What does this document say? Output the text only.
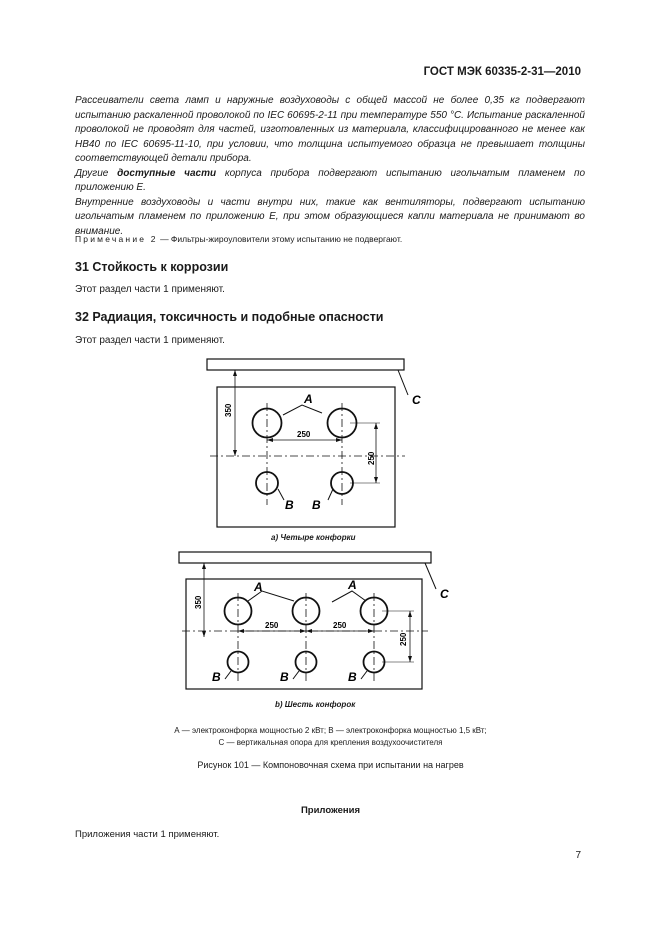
ГОСТ МЭК 60335-2-31—2010

Рассеиватели света ламп и наружные воздуховоды с общей массой не более 0,35 кг подвергают испытанию раскаленной проволокой по IEC 60695-2-11 при температуре 550 °С. Испытание раскаленной проволокой не проводят для частей, изготовленных из материала, классифицированного не менее как НВ40 по IEC 60695-11-10, при условии, что толщина испытуемого образца не превышает толщины соответствующей детали прибора.

Другие доступные части корпуса прибора подвергают испытанию игольчатым пламенем по приложению Е.

Внутренние воздуховоды и части внутри них, такие как вентиляторы, подвергают испытанию игольчатым пламенем по приложению Е, при этом образующиеся капли материала не принимают во внимание.

Примечание 2 — Фильтры-жироуловители этому испытанию не подвергают.
31 Стойкость к коррозии
Этот раздел части 1 применяют.
32 Радиация, токсичность и подобные опасности
Этот раздел части 1 применяют.
350
250
250
A
B B
C
а) Четыре конфорки
350
250	250
250
A	A
B	B	B
C
b) Шесть конфорок
А — электроконфорка мощностью 2 кВт; В — электроконфорка мощностью 1,5 кВт;
С — вертикальная опора для крепления воздухоочистителя
Рисунок 101 — Компоновочная схема при испытании на нагрев
Приложения
Приложения части 1 применяют.
7
